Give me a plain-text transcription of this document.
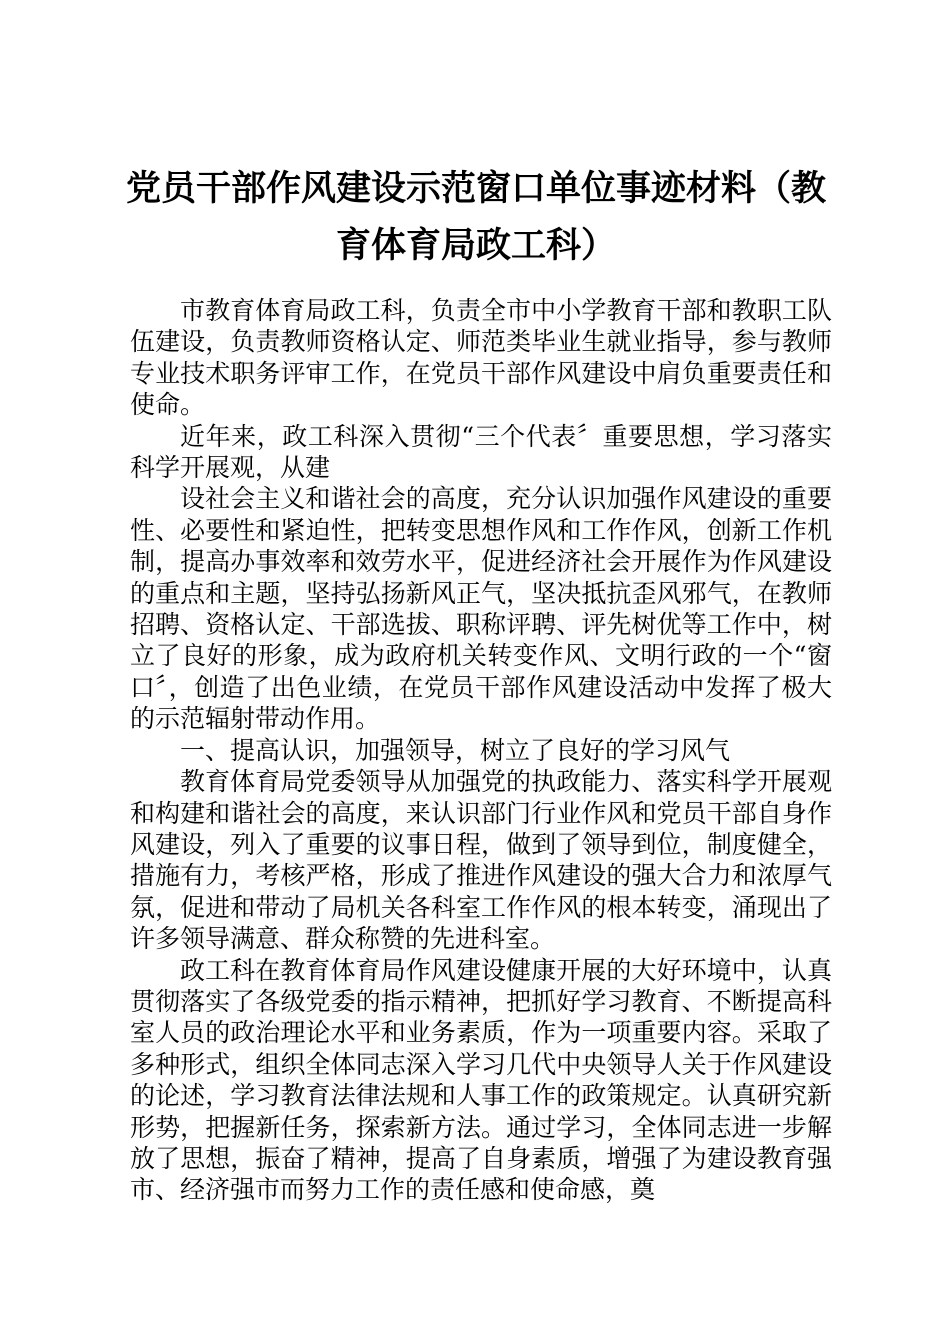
党员干部作风建设示范窗口单位事迹材料（教育体育局政工科）

市教育体育局政工科，负责全市中小学教育干部和教职工队伍建设，负责教师资格认定、师范类毕业生就业指导，参与教师专业技术职务评审工作，在党员干部作风建设中肩负重要责任和使命。

近年来，政工科深入贯彻“三个代表〞重要思想，学习落实科学开展观，从建

设社会主义和谐社会的高度，充分认识加强作风建设的重要性、必要性和紧迫性，把转变思想作风和工作作风，创新工作机制，提高办事效率和效劳水平，促进经济社会开展作为作风建设的重点和主题，坚持弘扬新风正气，坚决抵抗歪风邪气，在教师招聘、资格认定、干部选拔、职称评聘、评先树优等工作中，树立了良好的形象，成为政府机关转变作风、文明行政的一个“窗口〞，创造了出色业绩，在党员干部作风建设活动中发挥了极大的示范辐射带动作用。

一、提高认识，加强领导，树立了良好的学习风气

教育体育局党委领导从加强党的执政能力、落实科学开展观和构建和谐社会的高度，来认识部门行业作风和党员干部自身作风建设，列入了重要的议事日程，做到了领导到位，制度健全，措施有力，考核严格，形成了推进作风建设的强大合力和浓厚气氛，促进和带动了局机关各科室工作作风的根本转变，涌现出了许多领导满意、群众称赞的先进科室。

政工科在教育体育局作风建设健康开展的大好环境中，认真贯彻落实了各级党委的指示精神，把抓好学习教育、不断提高科室人员的政治理论水平和业务素质，作为一项重要内容。采取了多种形式，组织全体同志深入学习几代中央领导人关于作风建设的论述，学习教育法律法规和人事工作的政策规定。认真研究新形势，把握新任务，探索新方法。通过学习，全体同志进一步解放了思想，振奋了精神，提高了自身素质，增强了为建设教育强市、经济强市而努力工作的责任感和使命感，奠
